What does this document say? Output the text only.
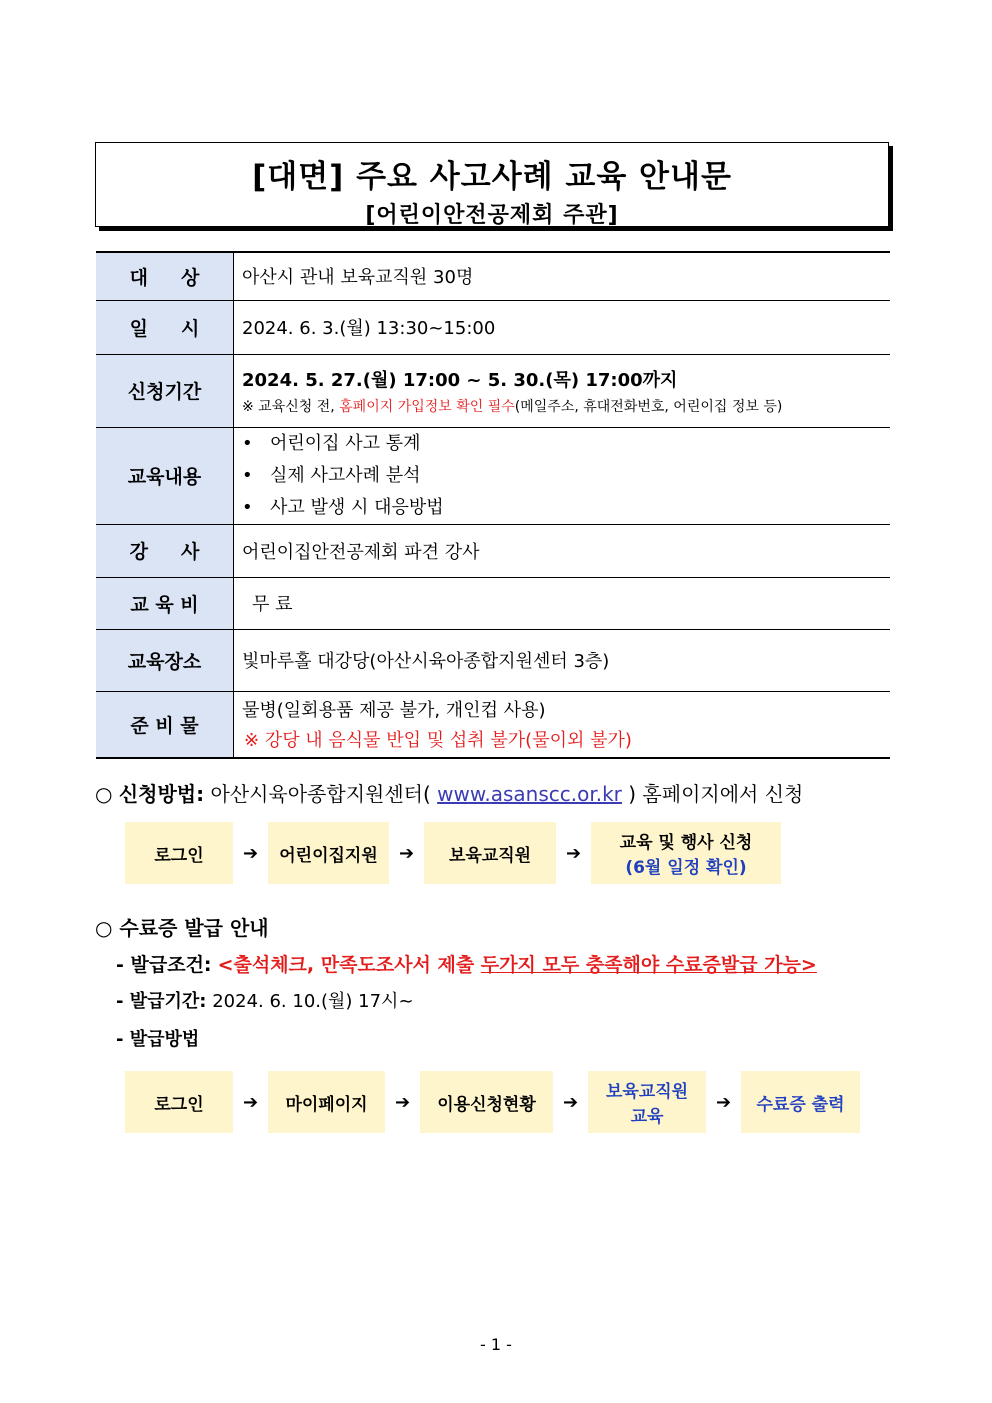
[대면] 주요 사고사례 교육 안내문
[어린이안전공제회 주관]
대     상	아산시 관내 보육교직원 30명
일     시	2024. 6. 3.(월) 13:30~15:00
신청기간	2024. 5. 27.(월) 17:00 ~ 5. 30.(목) 17:00까지
※ 교육신청 전, 홈페이지 가입정보 확인 필수(메일주소, 휴대전화번호, 어린이집 정보 등)

교육내용	• 어린이집 사고 통계
• 실제 사고사례 분석
• 사고 발생 시 대응방법

강     사	어린이집안전공제회 파견 강사
교 육 비	무 료
교육장소	빛마루홀 대강당(아산시육아종합지원센터 3층)
준 비 물	물병(일회용품 제공 불가, 개인컵 사용)
※ 강당 내 음식물 반입 및 섭취 불가(물이외 불가)
○ 신청방법: 아산시육아종합지원센터( www.asanscc.or.kr ) 홈페이지에서 신청
로그인	➔	어린이집지원	➔	보육교직원	➔	교육 및 행사 신청
(6월 일정 확인)
○ 수료증 발급 안내
- 발급조건: <출석체크, 만족도조사서 제출 두가지 모두 충족해야 수료증발급 가능>
- 발급기간: 2024. 6. 10.(월) 17시~
- 발급방법
로그인	➔	마이페이지	➔	이용신청현황	➔	보육교직원
교육
➔	수료증 출력
- 1 -
